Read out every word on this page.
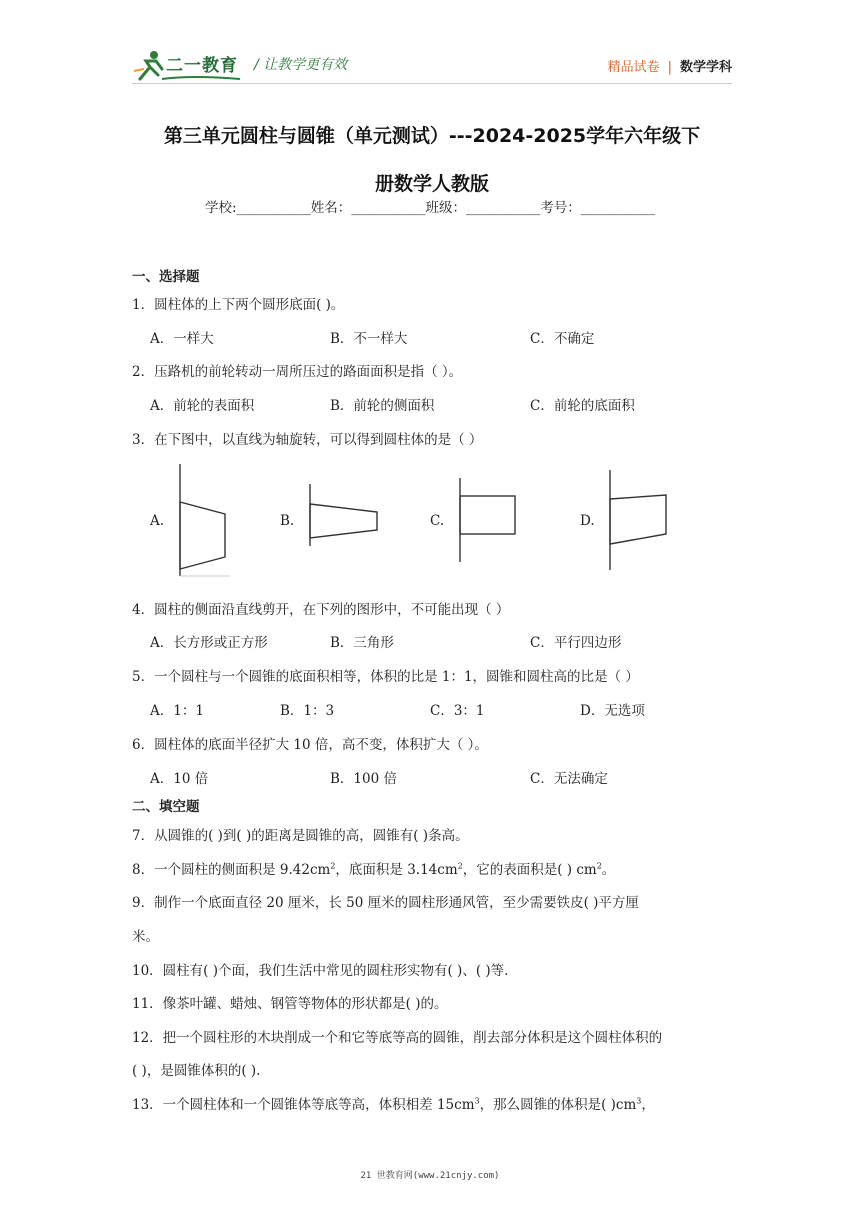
二一教育 / 让教学更有效	精品试卷 | 数学学科
第三单元圆柱与圆锥（单元测试）---2024-2025学年六年级下
册数学人教版
学校:___________姓名：___________班级：___________考号：___________
一、选择题
1．圆柱体的上下两个圆形底面( )。
A．一样大	B．不一样大	C．不确定
2．压路机的前轮转动一周所压过的路面面积是指（ ）。
A．前轮的表面积	B．前轮的侧面积	C．前轮的底面积
3．在下图中，以直线为轴旋转，可以得到圆柱体的是（ ）
A.	B.	C.	D.
4．圆柱的侧面沿直线剪开，在下列的图形中，不可能出现（ ）
A．长方形或正方形	B．三角形	C．平行四边形
5．一个圆柱与一个圆锥的底面积相等，体积的比是 1：1，圆锥和圆柱高的比是（ ）
A．1：1	B．1：3	C．3：1	D．无选项
6．圆柱体的底面半径扩大 10 倍，高不变，体积扩大（ ）。
A．10 倍	B．100 倍	C．无法确定
二、填空题
7．从圆锥的( )到( )的距离是圆锥的高，圆锥有( )条高。
8．一个圆柱的侧面积是 $9.42cm^2$，底面积是 $3.14cm^2$，它的表面积是( ) $cm^2$。
9．制作一个底面直径 20 厘米，长 50 厘米的圆柱形通风管，至少需要铁皮( )平方厘
米。
10．圆柱有( )个面，我们生活中常见的圆柱形实物有( )、( )等.
11．像茶叶罐、蜡烛、钢管等物体的形状都是( )的。
12．把一个圆柱形的木块削成一个和它等底等高的圆锥，削去部分体积是这个圆柱体积的
( )，是圆锥体积的( ).
13．一个圆柱体和一个圆锥体等底等高，体积相差 $15cm^3$，那么圆锥的体积是( )$cm^3$，
21 世教育网(www.21cnjy.com)
